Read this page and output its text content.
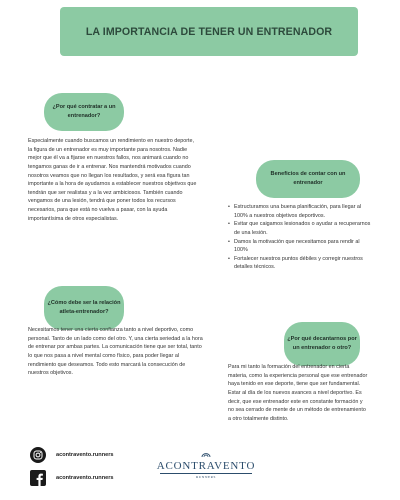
LA IMPORTANCIA DE TENER UN ENTRENADOR
¿Por qué contratar a un entrenador?

Especialmente cuando buscamos un rendimiento en nuestro deporte, la figura de un entrenador es muy importante para nosotros. Nadie mejor que él va a fijarse en nuestros fallos, nos animará cuando no tengamos ganas de ir a entrenar. Nos mantendrá motivados cuando nosotros veamos que no llegan los resultados, y será esa figura tan importante a la hora de ayudarnos a establecer nuestros objetivos que tendrán que ser realistas y a la vez ambiciosos. También cuando vengamos de una lesión, tendrá que poner todos los recursos necesarios, para que está no vuelva a pasar, con la ayuda importantísima de otros especialistas.

Beneficios de contar con un entrenador
• Estructuramos una buena planificación, para llegar al 100% a nuestros objetivos deportivos.
• Evitar que caigamos lesionados o ayudar a recuperarnos de una lesión.
• Damos la motivación que necesitamos para rendir al 100%
• Fortalecer nuestros puntos débiles y corregir nuestros detalles técnicos.
¿Cómo debe ser la relación atleta-entrenador?

Necesitamos tener una cierta confianza tanto a nivel deportivo, como personal. Tanto de un lado como del otro. Y, una cierta seriedad a la hora de entrenar por ambas partes. La comunicación tiene que ser total, tanto lo que nos pasa a nivel mental como físico, para poder llegar al rendimiento que deseamos. Todo esto marcará la consecución de nuestros objetivos.

¿Por qué decantarnos por un entrenador o otro?

Para mi tanto la formación del entrenador en cierta materia, como la experiencia personal que ese entrenador haya tenido en ese deporte, tiene que ser fundamental. Estar al día de los nuevos avances a nivel deportivo. Es decir, que ese entrenador este en constante formación y no sea cerrado de mente de un método de entrenamiento a otro totalmente distinto.

acontravento.runners
acontravento.runners
ACONTRAVENTO
RUNNERS
